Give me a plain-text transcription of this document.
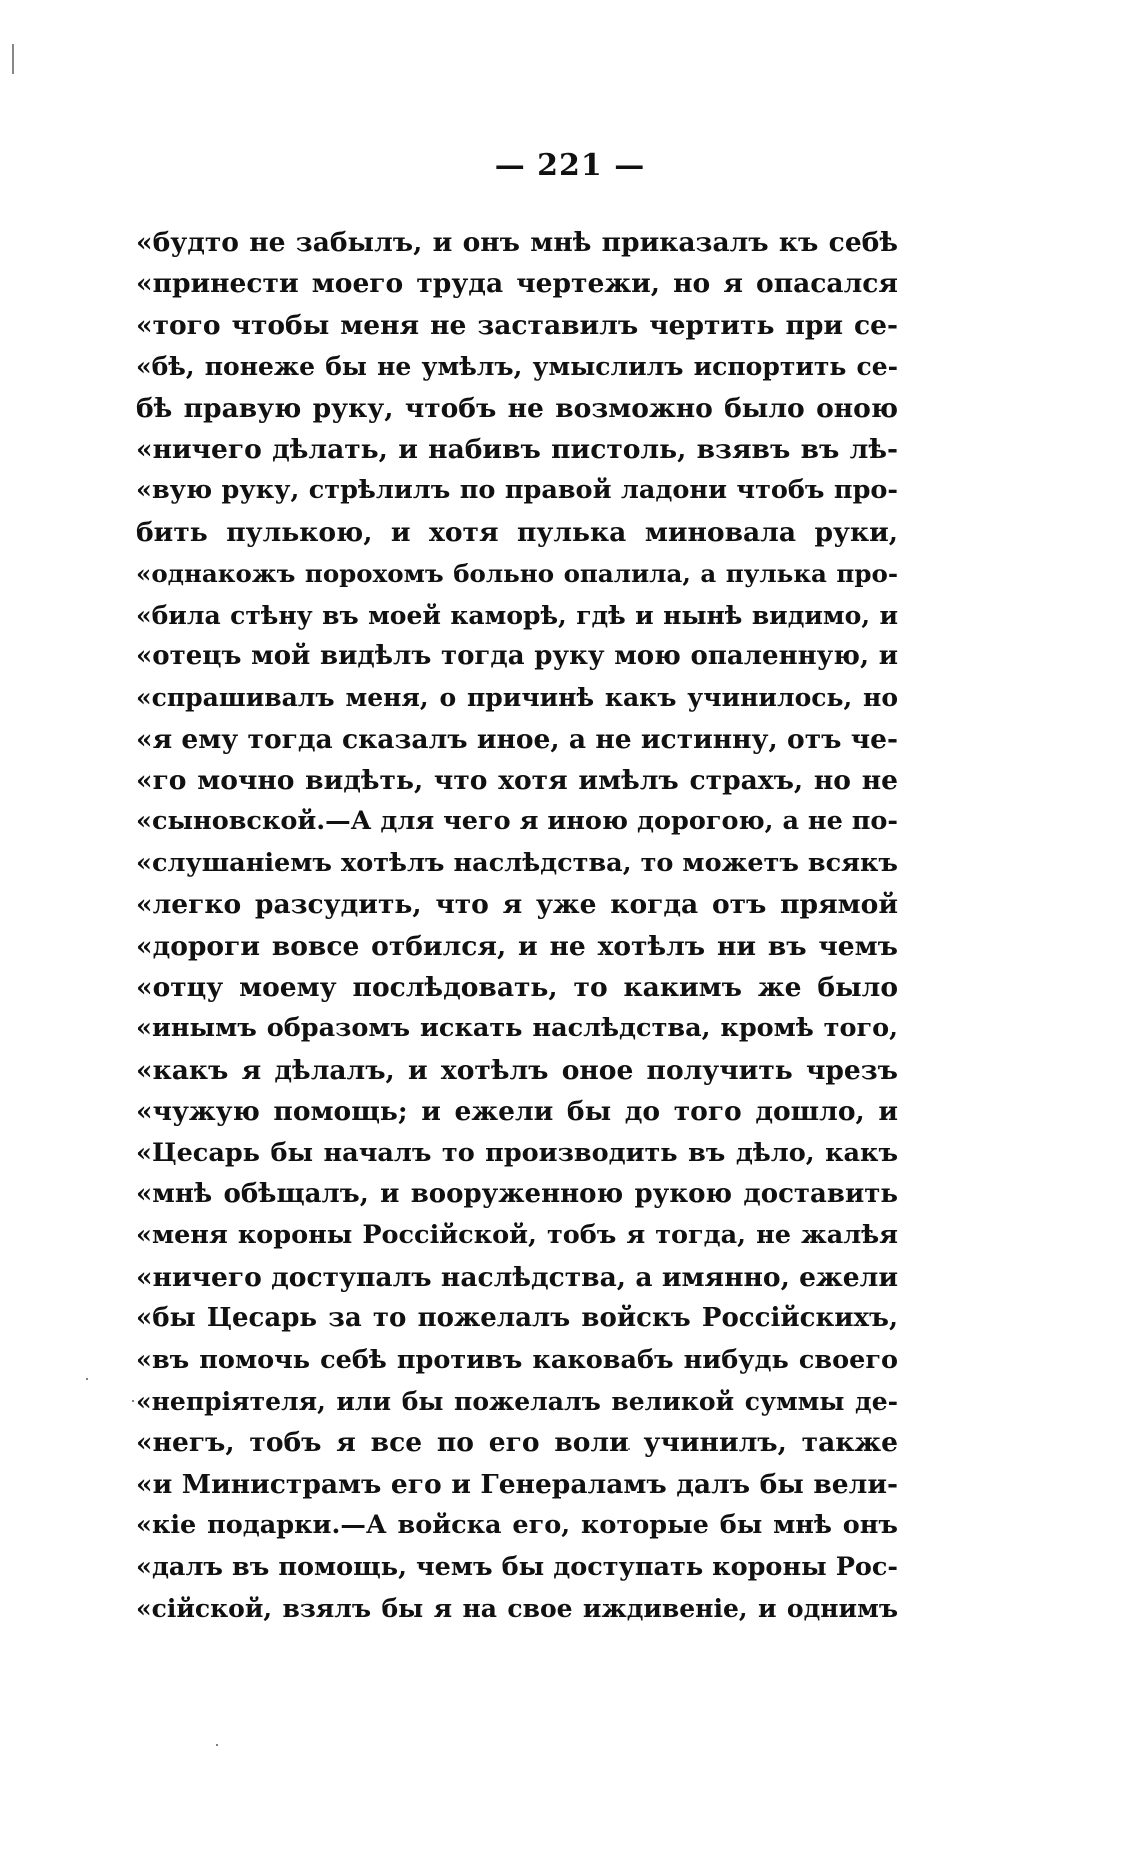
— 221 —
«будто не забылъ, и онъ мнѣ приказалъ къ себѣ
«принести моего труда чертежи, но я опасался
«того чтобы меня не заставилъ чертить при се-
«бѣ, понеже бы не умѣлъ, умыслилъ испортить се-
бѣ правую руку, чтобъ не возможно было оною
«ничего дѣлать, и набивъ пистоль, взявъ въ лѣ-
«вую руку, стрѣлилъ по правой ладони чтобъ про-
бить пулькою, и хотя пулька миновала руки,
«однакожъ порохомъ больно опалила, а пулька про-
«била стѣну въ моей каморѣ, гдѣ и нынѣ видимо, и
«отецъ мой видѣлъ тогда руку мою опаленную, и
«спрашивалъ меня, о причинѣ какъ учинилось, но
«я ему тогда сказалъ иное, а не истинну, отъ че-
«го мочно видѣть, что хотя имѣлъ страхъ, но не
«сыновской.—А для чего я иною дорогою, а не по-
«слушанiемъ хотѣлъ наслѣдства, то можетъ всякъ
«легко разсудить, что я уже когда отъ прямой
«дороги вовсе отбился, и не хотѣлъ ни въ чемъ
«отцу моему послѣдовать, то какимъ же было
«инымъ образомъ искать наслѣдства, кромѣ того,
«какъ я дѣлалъ, и хотѣлъ оное получить чрезъ
«чужую помощь; и ежели бы до того дошло, и
«Цесарь бы началъ то производить въ дѣло, какъ
«мнѣ обѣщалъ, и вооруженною рукою доставить
«меня короны Россiйской, тобъ я тогда, не жалѣя
«ничего доступалъ наслѣдства, а имянно, ежели
«бы Цесарь за то пожелалъ войскъ Россiйскихъ,
«въ помочь себѣ противъ каковабъ нибудь своего
«непрiятеля, или бы пожелалъ великой суммы де-
«негъ, тобъ я все по его воли учинилъ, также
«и Министрамъ его и Генераламъ далъ бы вели-
«кiе подарки.—А войска его, которые бы мнѣ онъ
«далъ въ помощь, чемъ бы доступать короны Рос-
«сiйской, взялъ бы я на свое иждивенiе, и однимъ
